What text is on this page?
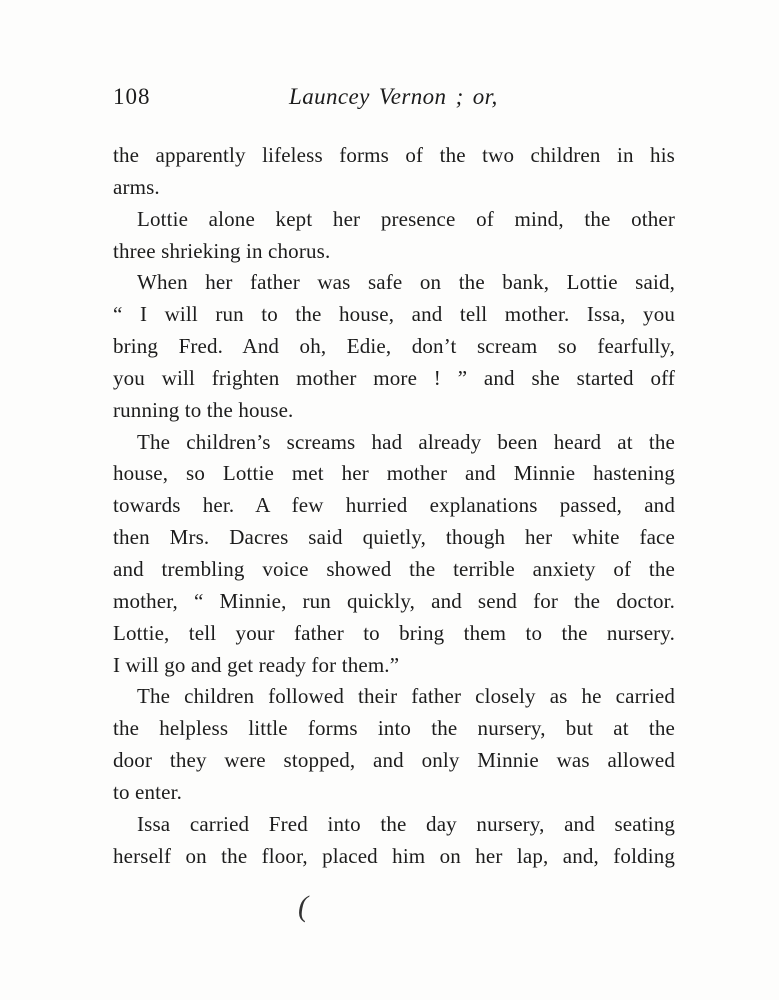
108	Launcey Vernon ; or,
the apparently lifeless forms of the two children in his
arms.
Lottie alone kept her presence of mind, the other
three shrieking in chorus.
When her father was safe on the bank, Lottie said,
“ I will run to the house, and tell mother. Issa, you
bring Fred. And oh, Edie, don’t scream so fearfully,
you will frighten mother more ! ” and she started off
running to the house.
The children’s screams had already been heard at the
house, so Lottie met her mother and Minnie hastening
towards her. A few hurried explanations passed, and
then Mrs. Dacres said quietly, though her white face
and trembling voice showed the terrible anxiety of the
mother, “ Minnie, run quickly, and send for the doctor.
Lottie, tell your father to bring them to the nursery.
I will go and get ready for them.”
The children followed their father closely as he carried
the helpless little forms into the nursery, but at the
door they were stopped, and only Minnie was allowed
to enter.
Issa carried Fred into the day nursery, and seating
herself on the floor, placed him on her lap, and, folding
(
